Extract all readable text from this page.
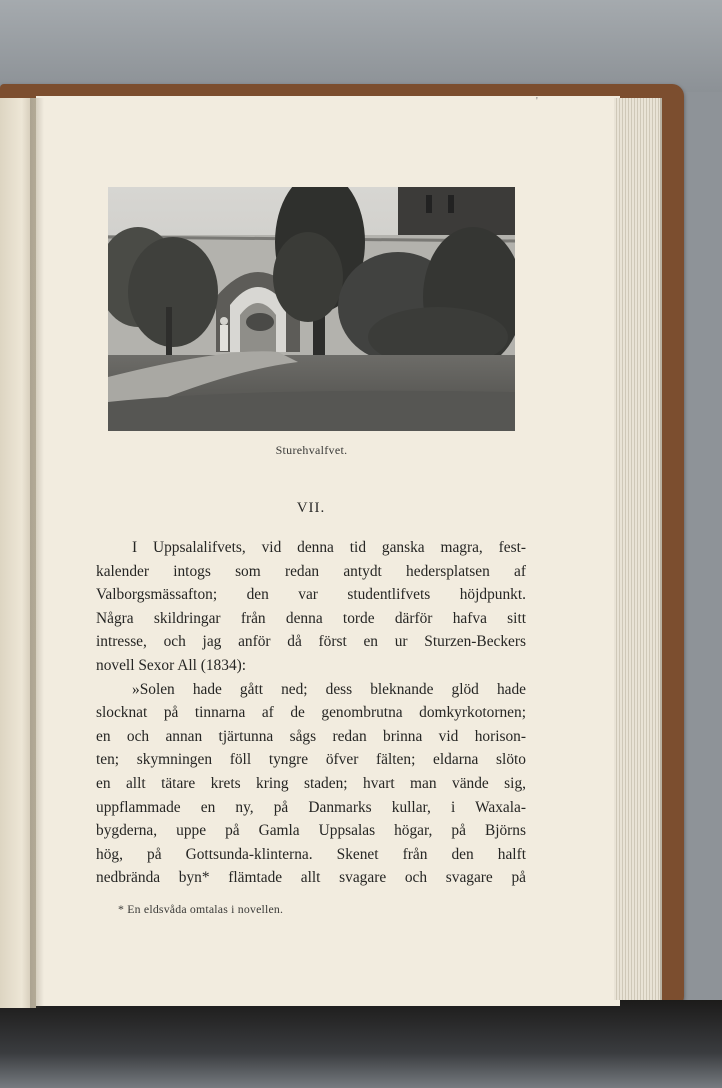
'
Sturehvalfvet.
VII.
I Uppsalalifvets, vid denna tid ganska magra, fest-
kalender intogs som redan antydt hedersplatsen af
Valborgsmässafton; den var studentlifvets höjdpunkt.
Några skildringar från denna torde därför hafva sitt
intresse, och jag anför då först en ur Sturzen-Beckers
novell Sexor All (1834):
»Solen hade gått ned; dess bleknande glöd hade
slocknat på tinnarna af de genombrutna domkyrkotornen;
en och annan tjärtunna sågs redan brinna vid horison-
ten; skymningen föll tyngre öfver fälten; eldarna slöto
en allt tätare krets kring staden; hvart man vände sig,
uppflammade en ny, på Danmarks kullar, i Waxala-
bygderna, uppe på Gamla Uppsalas högar, på Björns
hög, på Gottsunda-klinterna. Skenet från den halft
nedbrända byn* flämtade allt svagare och svagare på
* En eldsvåda omtalas i novellen.
